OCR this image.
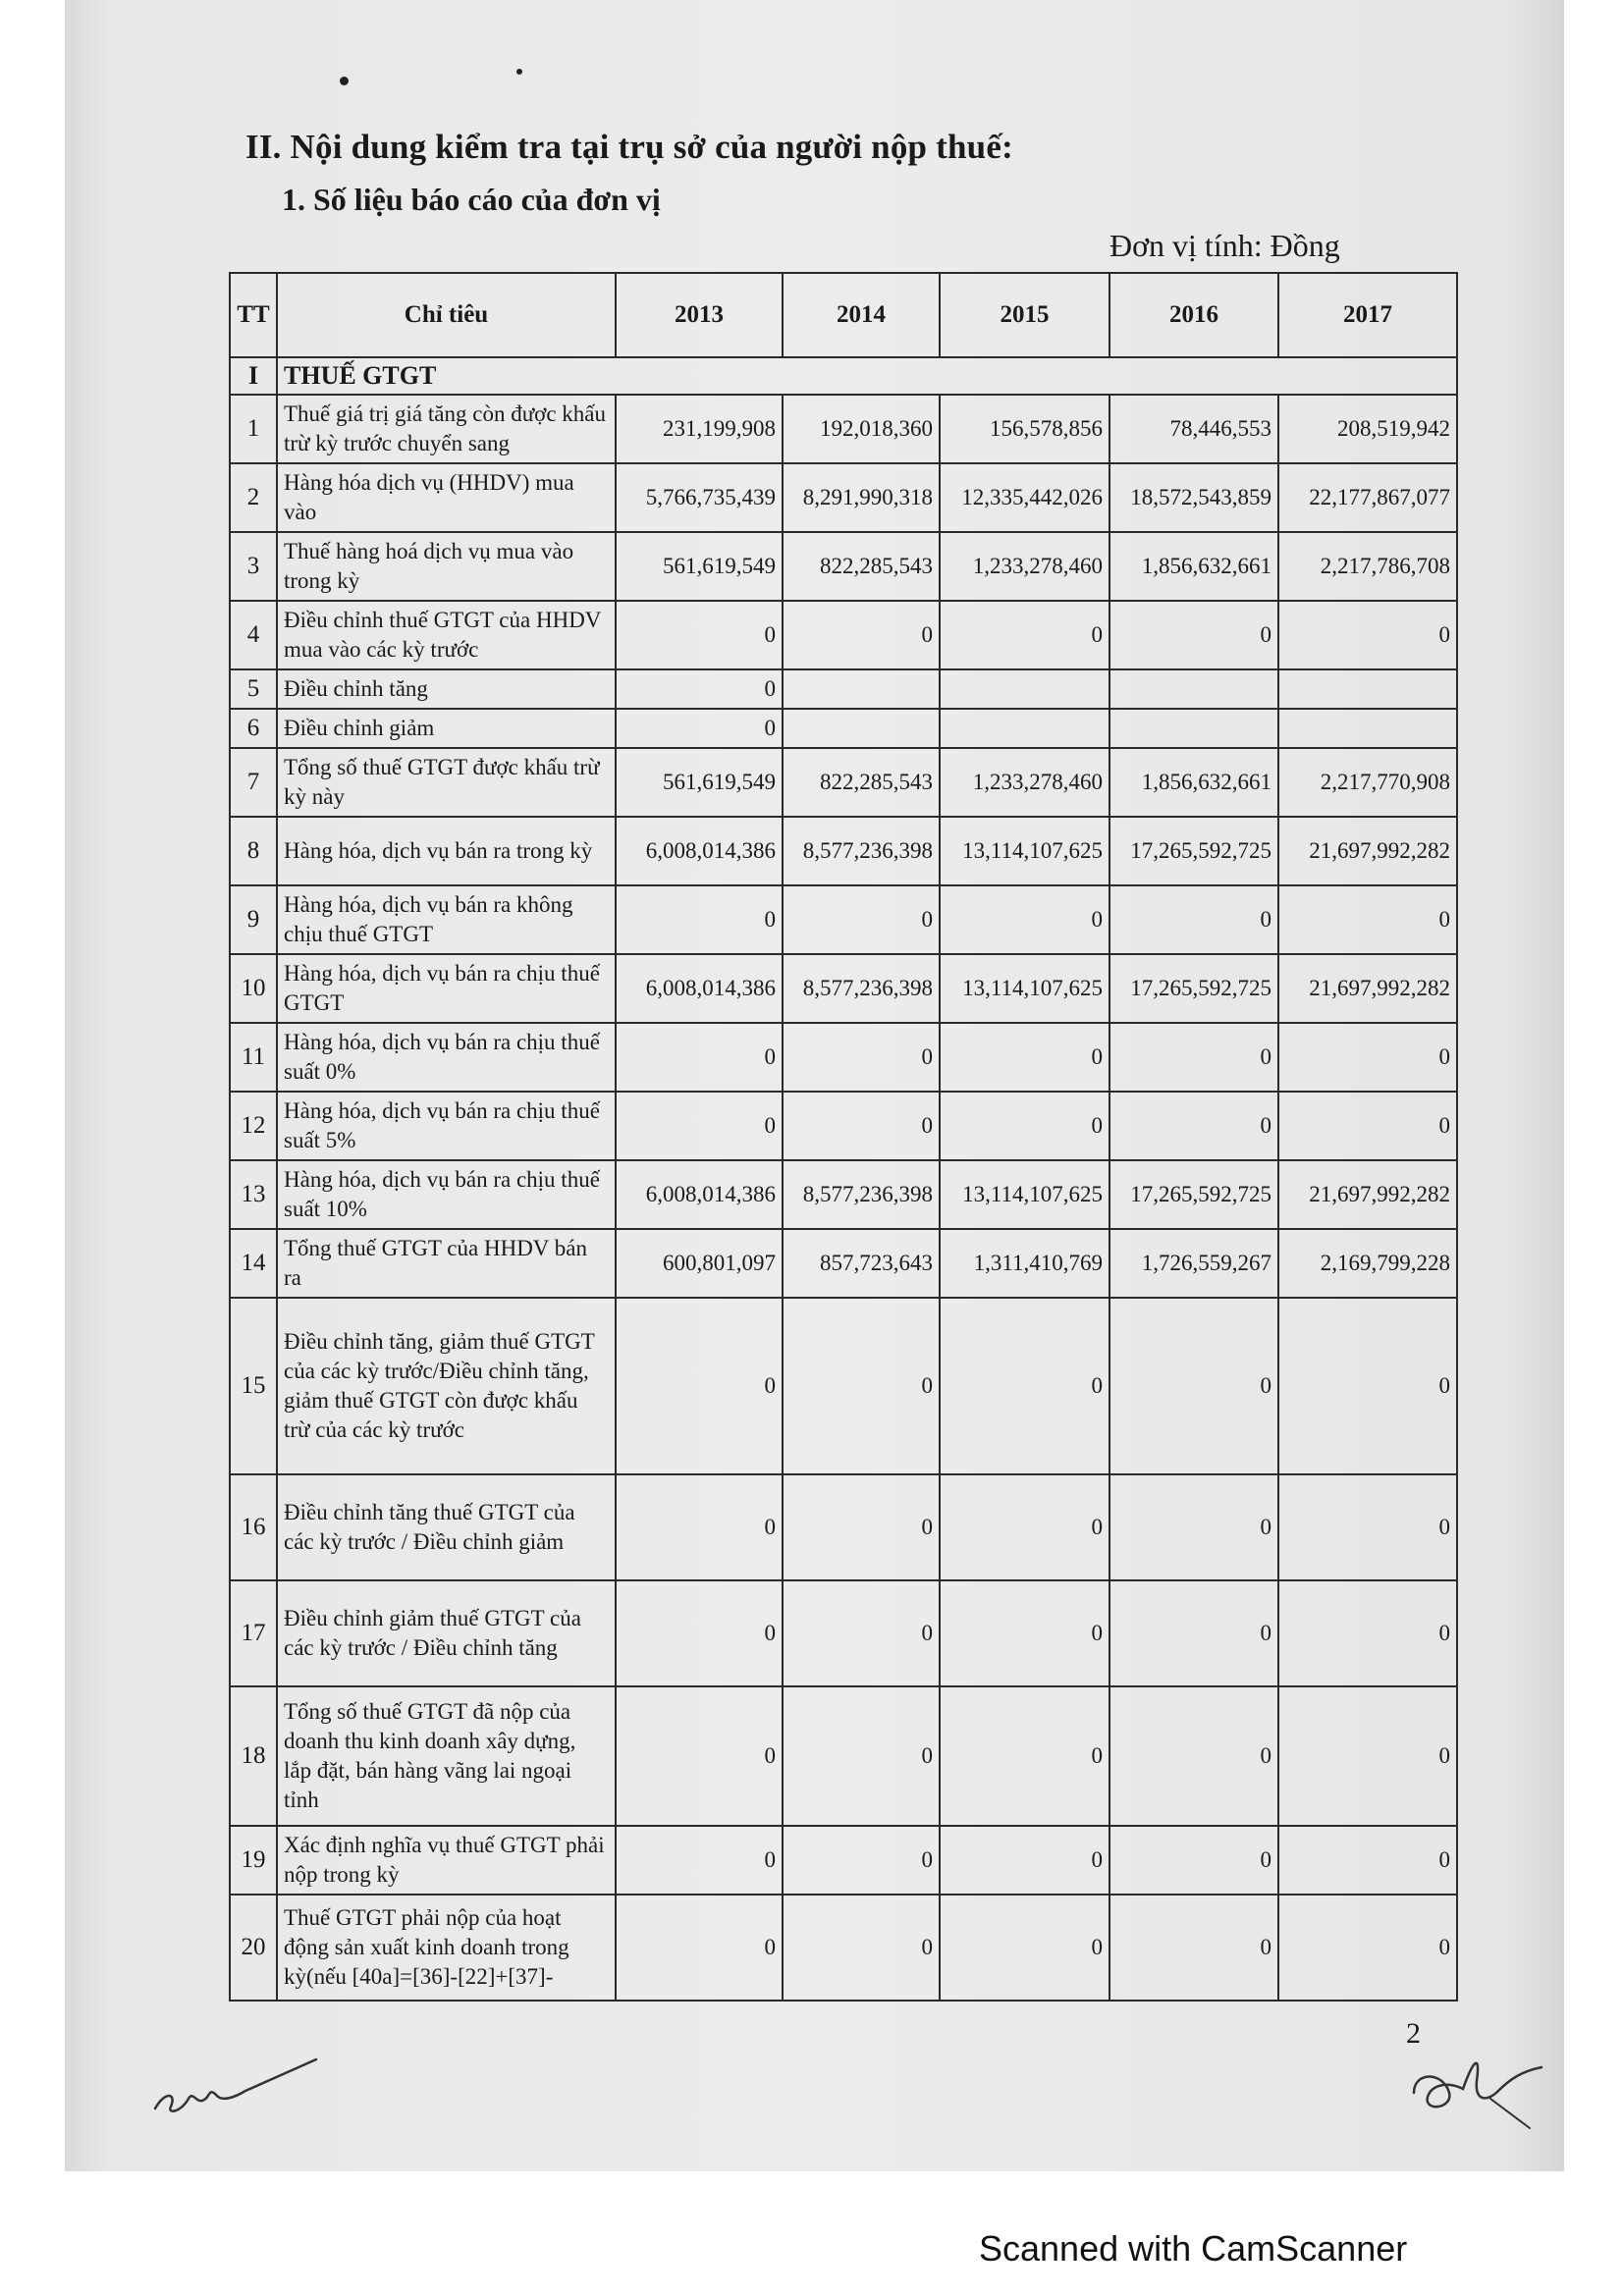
II. Nội dung kiểm tra tại trụ sở của người nộp thuế:
1. Số liệu báo cáo của đơn vị
Đơn vị tính: Đồng
TT	Chỉ tiêu	2013	2014	2015	2016	2017
I	THUẾ GTGT					
1	Thuế giá trị giá tăng còn được khấu trừ kỳ trước chuyển sang	231,199,908	192,018,360	156,578,856	78,446,553	208,519,942
2	Hàng hóa dịch vụ (HHDV) mua vào	5,766,735,439	8,291,990,318	12,335,442,026	18,572,543,859	22,177,867,077
3	Thuế hàng hoá dịch vụ mua vào trong kỳ	561,619,549	822,285,543	1,233,278,460	1,856,632,661	2,217,786,708
4	Điều chỉnh thuế GTGT của HHDV mua vào các kỳ trước	0	0	0	0	0
5	Điều chỉnh tăng	0				
6	Điều chỉnh giảm	0				
7	Tổng số thuế GTGT được khấu trừ kỳ này	561,619,549	822,285,543	1,233,278,460	1,856,632,661	2,217,770,908
8	Hàng hóa, dịch vụ bán ra trong kỳ	6,008,014,386	8,577,236,398	13,114,107,625	17,265,592,725	21,697,992,282
9	Hàng hóa, dịch vụ bán ra không chịu thuế GTGT	0	0	0	0	0
10	Hàng hóa, dịch vụ bán ra chịu thuế GTGT	6,008,014,386	8,577,236,398	13,114,107,625	17,265,592,725	21,697,992,282
11	Hàng hóa, dịch vụ bán ra chịu thuế suất 0%	0	0	0	0	0
12	Hàng hóa, dịch vụ bán ra chịu thuế suất 5%	0	0	0	0	0
13	Hàng hóa, dịch vụ bán ra chịu thuế suất 10%	6,008,014,386	8,577,236,398	13,114,107,625	17,265,592,725	21,697,992,282
14	Tổng thuế GTGT của HHDV bán ra	600,801,097	857,723,643	1,311,410,769	1,726,559,267	2,169,799,228
15	Điều chỉnh tăng, giảm thuế GTGT của các kỳ trước/Điều chỉnh tăng, giảm thuế GTGT còn được khấu trừ của các kỳ trước	0	0	0	0	0
16	Điều chỉnh tăng thuế GTGT của các kỳ trước / Điều chỉnh giảm	0	0	0	0	0
17	Điều chỉnh giảm thuế GTGT của các kỳ trước / Điều chỉnh tăng	0	0	0	0	0
18	Tổng số thuế GTGT đã nộp của doanh thu kinh doanh xây dựng, lắp đặt, bán hàng vãng lai ngoại tỉnh	0	0	0	0	0
19	Xác định nghĩa vụ thuế GTGT phải nộp trong kỳ	0	0	0	0	0
20	Thuế GTGT phải nộp của hoạt động sản xuất kinh doanh trong kỳ(nếu [40a]=[36]-[22]+[37]-	0	0	0	0	0
2
Scanned with CamScanner
